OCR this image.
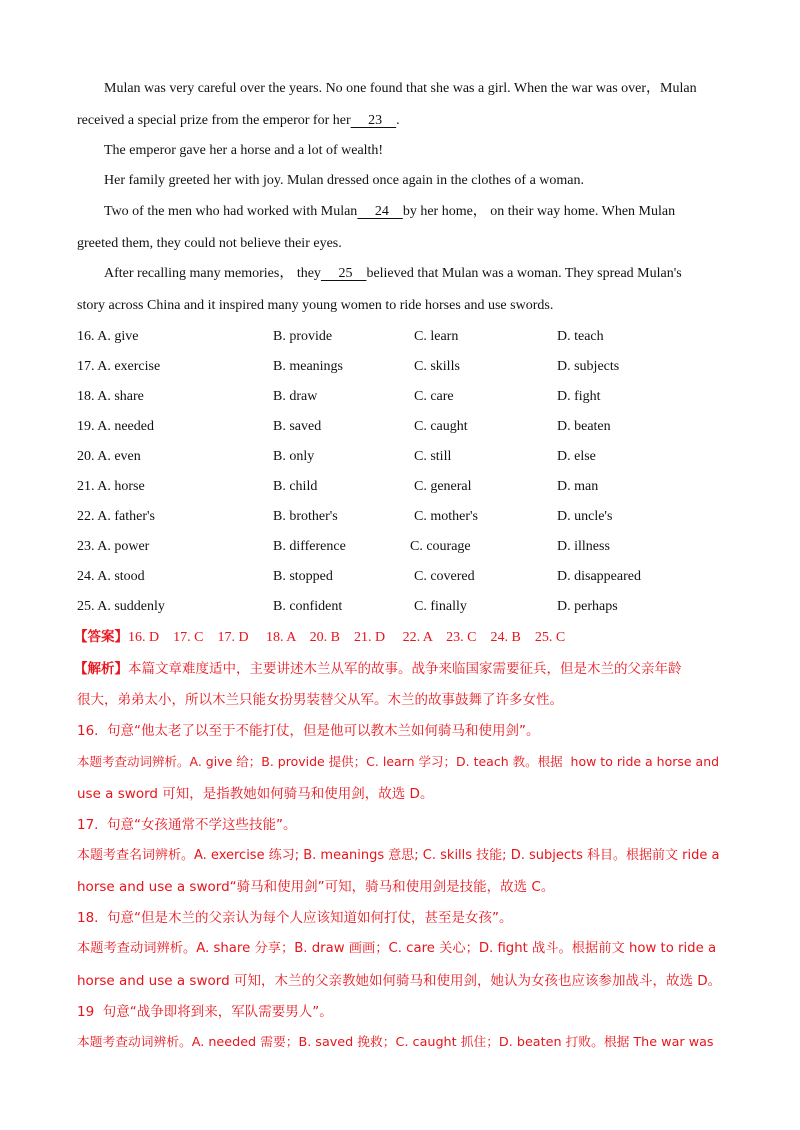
Mulan was very careful over the years. No one found that she was a girl. When the war was over，Mulan
received a special prize from the emperor for her     23    .
The emperor gave her a horse and a lot of wealth!
Her family greeted her with joy. Mulan dressed once again in the clothes of a woman.
Two of the men who had worked with Mulan     24    by her home， on their way home. When Mulan
greeted them, they could not believe their eyes.
After recalling many memories， they     25    believed that Mulan was a woman. They spread Mulan's
story across China and it inspired many young women to ride horses and use swords.
16. A. give	B. provide	C. learn	D. teach
17. A. exercise	B. meanings	C. skills	D. subjects
18. A. share	B. draw	C. care	D. fight
19. A. needed	B. saved	C. caught	D. beaten
20. A. even	B. only	C. still	D. else
21. A. horse	B. child	C. general	D. man
22. A. father's	B. brother's	C. mother's	D. uncle's
23. A. power	B. difference	C. courage	D. illness
24. A. stood	B. stopped	C. covered	D. disappeared
25. A. suddenly	B. confident	C. finally	D. perhaps
【答案】16. D    17. C    17. D     18. A    20. B    21. D     22. A    23. C    24. B    25. C
【解析】本篇文章难度适中，主要讲述木兰从军的故事。战争来临国家需要征兵，但是木兰的父亲年龄
很大，弟弟太小，所以木兰只能女扮男装替父从军。木兰的故事鼓舞了许多女性。
16.  句意“他太老了以至于不能打仗，但是他可以教木兰如何骑马和使用剑”。
本题考查动词辨析。A. give 给；B. provide 提供；C. learn 学习；D. teach 教。根据  how to ride a horse and
use a sword 可知，是指教她如何骑马和使用剑，故选 D。
17.  句意“女孩通常不学这些技能”。
本题考查名词辨析。A. exercise 练习; B. meanings 意思; C. skills 技能; D. subjects 科目。根据前文 ride a
horse and use a sword“骑马和使用剑”可知，骑马和使用剑是技能，故选 C。
18.  句意“但是木兰的父亲认为每个人应该知道如何打仗，甚至是女孩”。
本题考查动词辨析。A. share 分享；B. draw 画画；C. care 关心；D. fight 战斗。根据前文 how to ride a
horse and use a sword 可知，木兰的父亲教她如何骑马和使用剑，她认为女孩也应该参加战斗，故选 D。
19  句意“战争即将到来，军队需要男人”。
本题考查动词辨析。A. needed 需要；B. saved 挽救；C. caught 抓住；D. beaten 打败。根据 The war was
